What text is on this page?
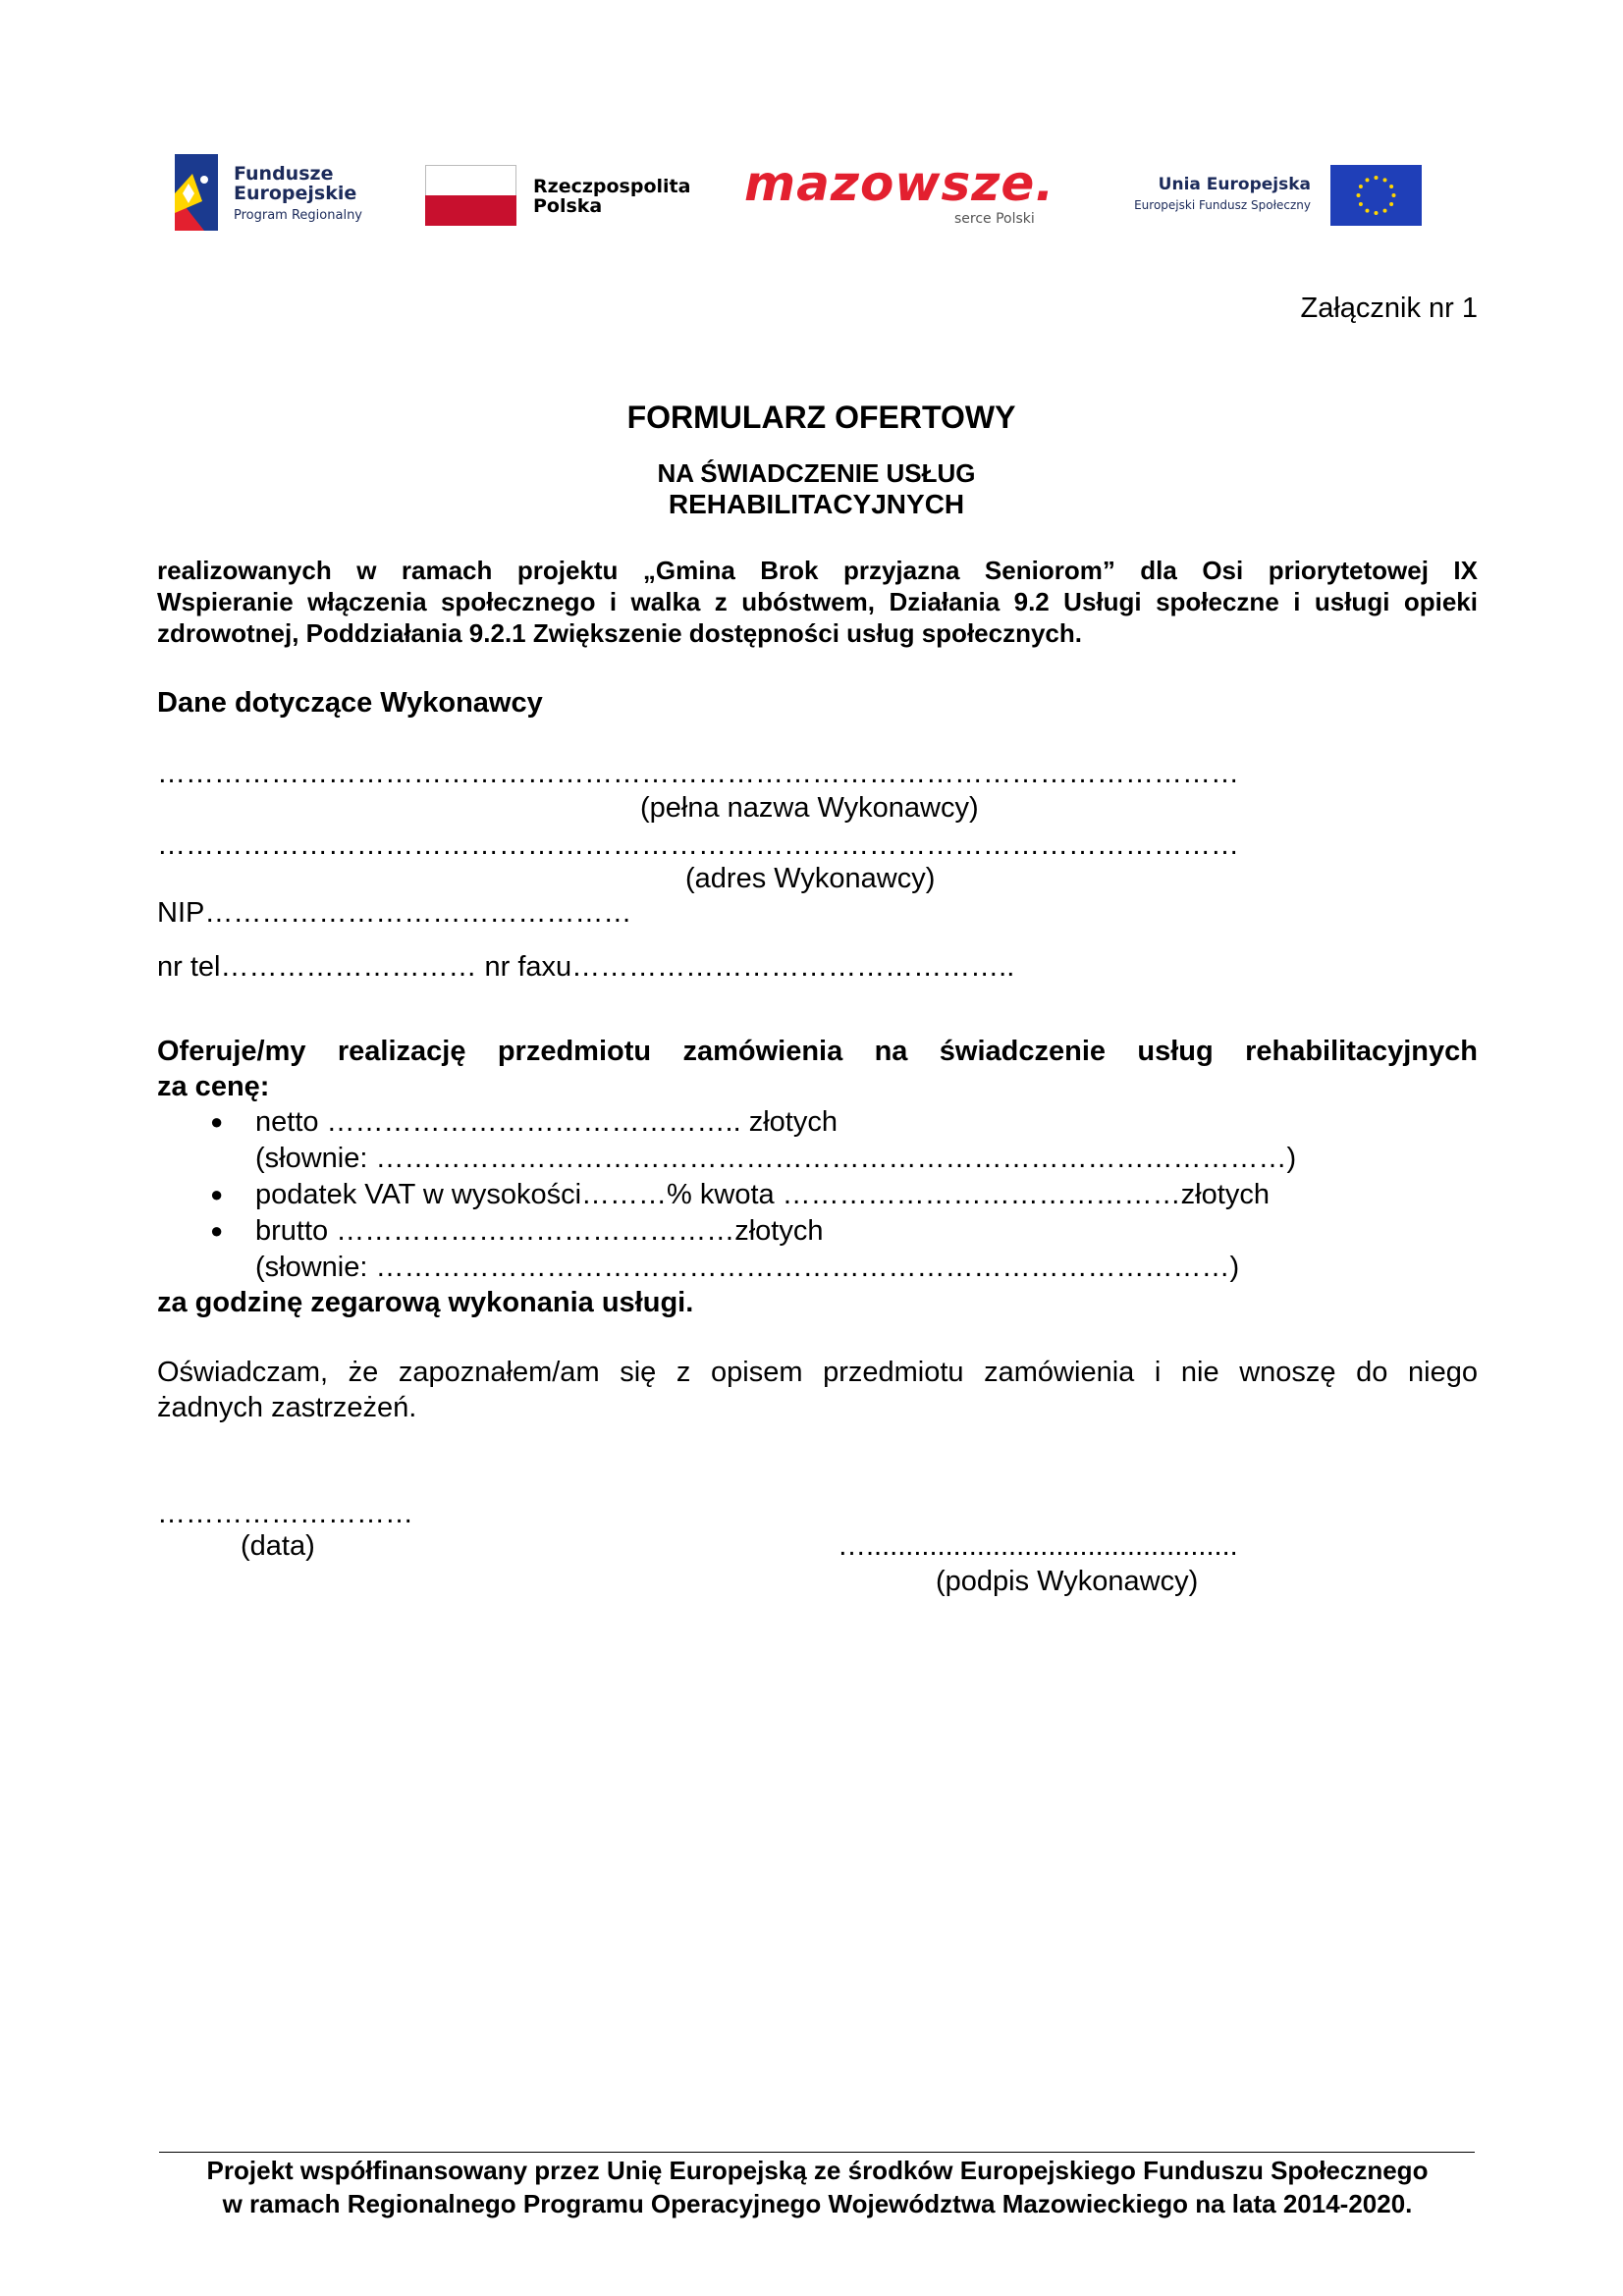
Fundusze
Europejskie
Program Regionalny
Rzeczpospolita
Polska	mazowsze.
serce Polski
Unia Europejska
Europejski Fundusz Społeczny
Załącznik nr 1
FORMULARZ OFERTOWY
NA ŚWIADCZENIE USŁUG
REHABILITACYJNYCH
realizowanych w ramach projektu „Gmina Brok przyjazna Seniorom” dla Osi priorytetowej IX
Wspieranie włączenia społecznego i walka z ubóstwem, Działania 9.2 Usługi społeczne i usługi opieki
zdrowotnej, Poddziałania 9.2.1 Zwiększenie dostępności usług społecznych.
Dane dotyczące Wykonawcy
……………………………………………………………………………………………………
(pełna nazwa Wykonawcy)
……………………………………………………………………………………………………
(adres Wykonawcy)
NIP………………………………………
nr tel……………………… nr faxu………………………………………..
Oferuje/my realizację przedmiotu zamówienia na świadczenie usług rehabilitacyjnych
za cenę:
● netto …………………………………….. złotych
(słownie: ……………………………………………………………………………………)
● podatek VAT w wysokości………% kwota ……………………………………złotych
● brutto ……………………………………złotych
(słownie: ………………………………………………………………………………)
za godzinę zegarową wykonania usługi.
Oświadczam, że zapoznałem/am się z opisem przedmiotu zamówienia i nie wnoszę do niego
żadnych zastrzeżeń.
………………………
(data)	…...............................................
(podpis Wykonawcy)
Projekt współfinansowany przez Unię Europejską ze środków Europejskiego Funduszu Społecznego
w ramach Regionalnego Programu Operacyjnego Województwa Mazowieckiego na lata 2014-2020.
